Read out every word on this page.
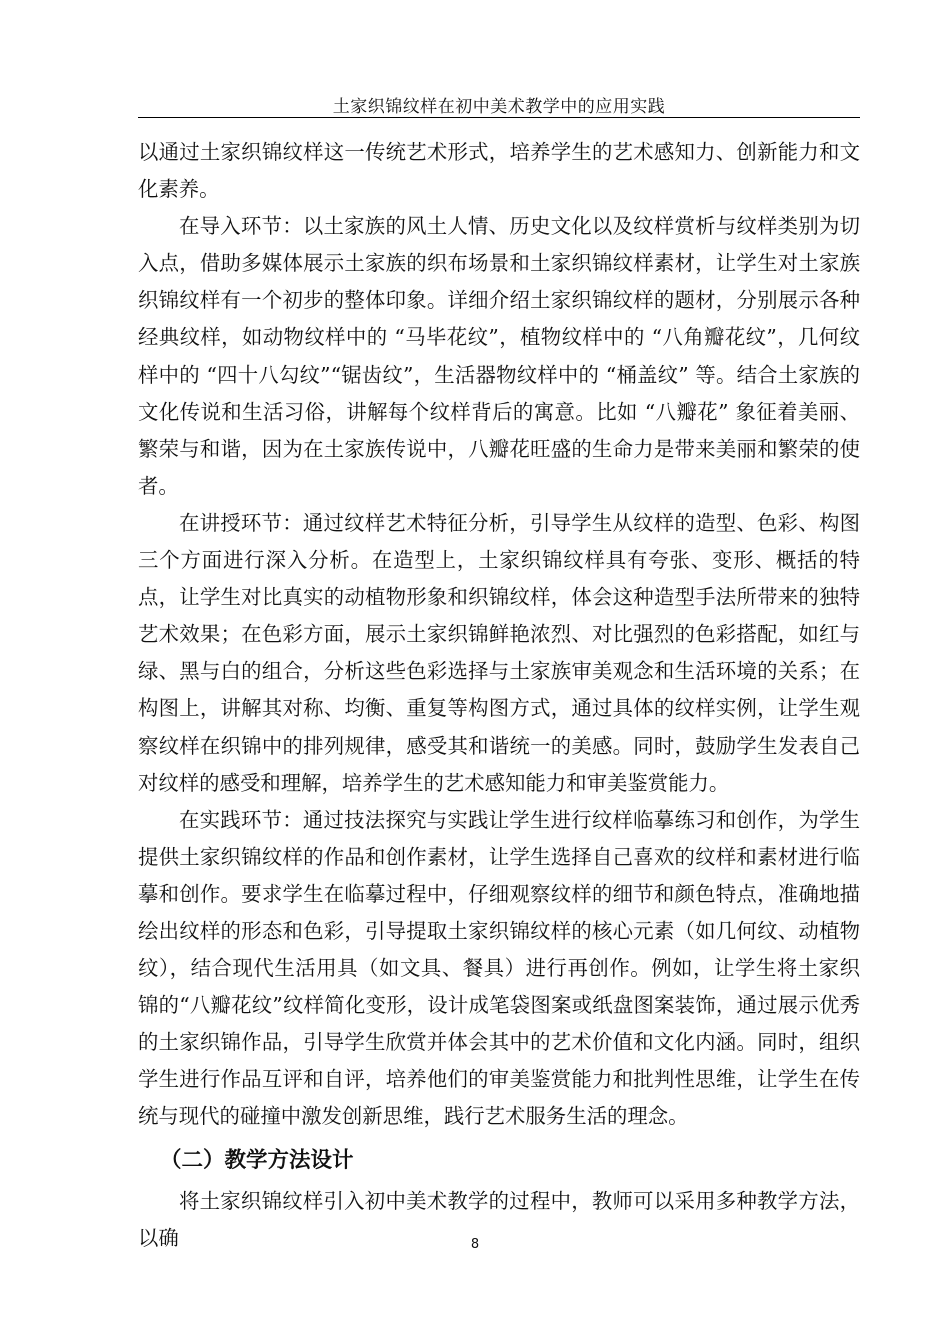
土家织锦纹样在初中美术教学中的应用实践

以通过土家织锦纹样这一传统艺术形式，培养学生的艺术感知力、创新能力和文化素养。

在导入环节：以土家族的风土人情、历史文化以及纹样赏析与纹样类别为切入点，借助多媒体展示土家族的织布场景和土家织锦纹样素材，让学生对土家族织锦纹样有一个初步的整体印象。详细介绍土家织锦纹样的题材，分别展示各种经典纹样，如动物纹样中的 “马毕花纹”，植物纹样中的 “八角瓣花纹”，几何纹样中的 “四十八勾纹”“锯齿纹”，生活器物纹样中的 “桶盖纹” 等。结合土家族的文化传说和生活习俗，讲解每个纹样背后的寓意。比如 “八瓣花” 象征着美丽、繁荣与和谐，因为在土家族传说中，八瓣花旺盛的生命力是带来美丽和繁荣的使者。

在讲授环节：通过纹样艺术特征分析，引导学生从纹样的造型、色彩、构图三个方面进行深入分析。在造型上，土家织锦纹样具有夸张、变形、概括的特点，让学生对比真实的动植物形象和织锦纹样，体会这种造型手法所带来的独特艺术效果；在色彩方面，展示土家织锦鲜艳浓烈、对比强烈的色彩搭配，如红与绿、黑与白的组合，分析这些色彩选择与土家族审美观念和生活环境的关系；在构图上，讲解其对称、均衡、重复等构图方式，通过具体的纹样实例，让学生观察纹样在织锦中的排列规律，感受其和谐统一的美感。同时，鼓励学生发表自己对纹样的感受和理解，培养学生的艺术感知能力和审美鉴赏能力。

在实践环节：通过技法探究与实践让学生进行纹样临摹练习和创作，为学生提供土家织锦纹样的作品和创作素材，让学生选择自己喜欢的纹样和素材进行临摹和创作。要求学生在临摹过程中，仔细观察纹样的细节和颜色特点，准确地描绘出纹样的形态和色彩，引导提取土家织锦纹样的核心元素（如几何纹、动植物纹），结合现代生活用具（如文具、餐具）进行再创作。例如，让学生将土家织锦的“八瓣花纹”纹样简化变形，设计成笔袋图案或纸盘图案装饰，通过展示优秀的土家织锦作品，引导学生欣赏并体会其中的艺术价值和文化内涵。同时，组织学生进行作品互评和自评，培养他们的审美鉴赏能力和批判性思维，让学生在传统与现代的碰撞中激发创新思维，践行艺术服务生活的理念。

（二）教学方法设计

将土家织锦纹样引入初中美术教学的过程中，教师可以采用多种教学方法，以确	8
